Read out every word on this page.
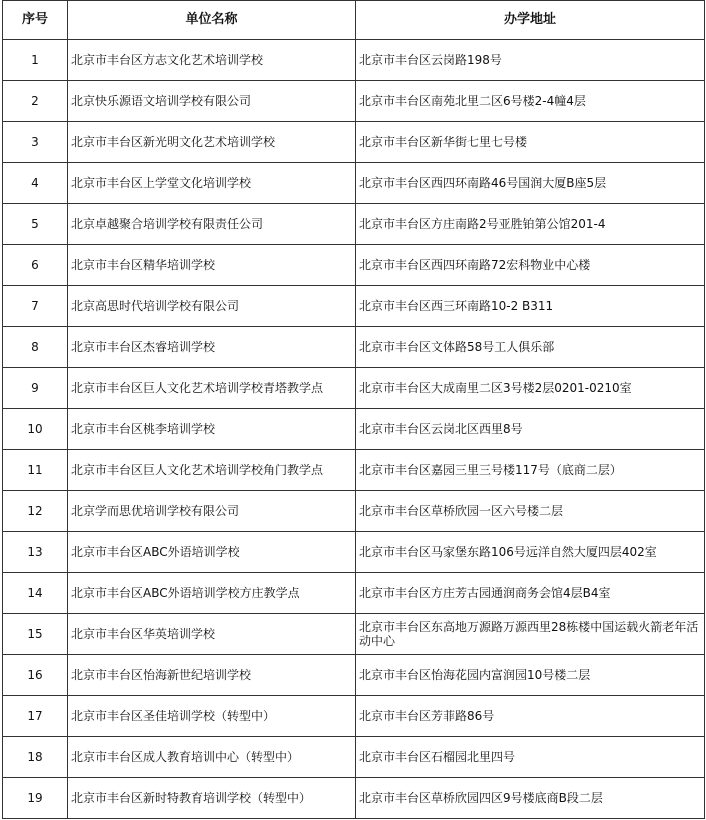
序号	单位名称	办学地址
1	北京市丰台区方志文化艺术培训学校	北京市丰台区云岗路198号
2	北京快乐源语文培训学校有限公司	北京市丰台区南苑北里二区6号楼2-4幢4层
3	北京市丰台区新光明文化艺术培训学校	北京市丰台区新华街七里七号楼
4	北京市丰台区上学堂文化培训学校	北京市丰台区西四环南路46号国润大厦B座5层
5	北京卓越聚合培训学校有限责任公司	北京市丰台区方庄南路2号亚胜铂第公馆201-4
6	北京市丰台区精华培训学校	北京市丰台区西四环南路72宏科物业中心楼
7	北京高思时代培训学校有限公司	北京市丰台区西三环南路10-2 B311
8	北京市丰台区杰睿培训学校	北京市丰台区文体路58号工人俱乐部
9	北京市丰台区巨人文化艺术培训学校青塔教学点	北京市丰台区大成南里二区3号楼2层0201-0210室
10	北京市丰台区桃李培训学校	北京市丰台区云岗北区西里8号
11	北京市丰台区巨人文化艺术培训学校角门教学点	北京市丰台区嘉园三里三号楼117号（底商二层）
12	北京学而思优培训学校有限公司	北京市丰台区草桥欣园一区六号楼二层
13	北京市丰台区ABC外语培训学校	北京市丰台区马家堡东路106号远洋自然大厦四层402室
14	北京市丰台区ABC外语培训学校方庄教学点	北京市丰台区方庄芳古园通润商务会馆4层B4室
15	北京市丰台区华英培训学校	北京市丰台区东高地万源路万源西里28栋楼中国运载火箭老年活动中心
16	北京市丰台区怡海新世纪培训学校	北京市丰台区怡海花园内富润园10号楼二层
17	北京市丰台区圣佳培训学校（转型中）	北京市丰台区芳菲路86号
18	北京市丰台区成人教育培训中心（转型中）	北京市丰台区石榴园北里四号
19	北京市丰台区新时特教育培训学校（转型中）	北京市丰台区草桥欣园四区9号楼底商B段二层
